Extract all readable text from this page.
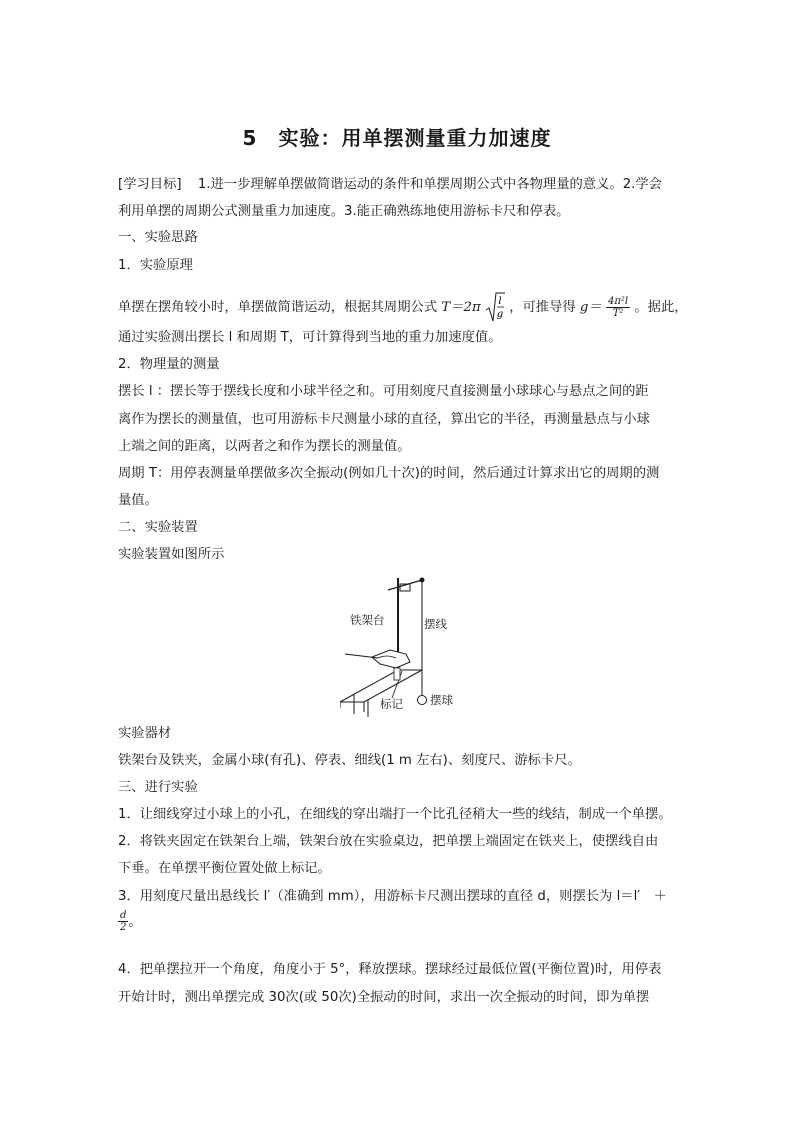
5　实验：用单摆测量重力加速度
[学习目标] 1.进一步理解单摆做简谐运动的条件和单摆周期公式中各物理量的意义。2.学会
利用单摆的周期公式测量重力加速度。3.能正确熟练地使用游标卡尺和停表。
一、实验思路
1．实验原理
单摆在摆角较小时，单摆做简谐运动，根据其周期公式 T＝2π l
g ，可推导得 $g= \frac{\text{4π²l}}{\text{T²}}$ 。据此，
通过实验测出摆长 l 和周期 T，可计算得到当地的重力加速度值。
2．物理量的测量
摆长 l ：摆长等于摆线长度和小球半径之和。可用刻度尺直接测量小球球心与悬点之间的距
离作为摆长的测量值，也可用游标卡尺测量小球的直径，算出它的半径，再测量悬点与小球
上端之间的距离，以两者之和作为摆长的测量值。
周期 T：用停表测量单摆做多次全振动(例如几十次)的时间，然后通过计算求出它的周期的测
量值。
二、实验装置
实验装置如图所示
铁架台	摆线
标记 摆球
实验器材
铁架台及铁夹，金属小球(有孔)、停表、细线(1 m 左右)、刻度尺、游标卡尺。
三、进行实验
1．让细线穿过小球上的小孔，在细线的穿出端打一个比孔径稍大一些的线结，制成一个单摆。
2．将铁夹固定在铁架台上端，铁架台放在实验桌边，把单摆上端固定在铁夹上，使摆线自由
下垂。在单摆平衡位置处做上标记。
3．用刻度尺量出悬线长 l′（准确到 mm），用游标卡尺测出摆球的直径 d，则摆长为 l＝l′　＋
$\frac{d}{2}$ 。
4．把单摆拉开一个角度，角度小于 5°，释放摆球。摆球经过最低位置(平衡位置)时，用停表
开始计时，测出单摆完成 30次(或 50次)全振动的时间，求出一次全振动的时间，即为单摆
